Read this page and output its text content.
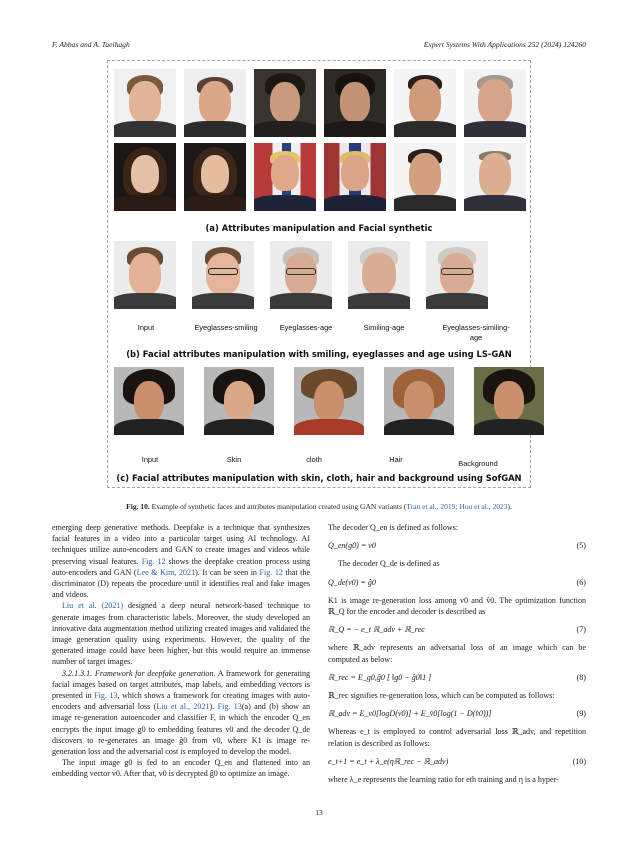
F. Abbas and A. Taeihagh	Expert Systems With Applications 252 (2024) 124260
(a) Attributes manipulation and Facial synthetic
Input	Eyeglasses-smiling	Eyeglasses-age	Similing-age	Eyeglasses-similing-
age
(b) Facial attributes manipulation with smiling, eyeglasses and age using LS-GAN
Input	Skin	cloth	Hair	Background
(c) Facial attributes manipulation with skin, cloth, hair and background using SofGAN
Fig. 10. Example of synthetic faces and attributes manipulation created using GAN variants (Tran et al., 2019; Hou et al., 2023).

emerging deep generative methods. Deepfake is a technique that synthesizes facial features in a video into a particular target using AI technology. AI techniques utilize auto-encoders and GAN to create images and videos while preserving visual features. Fig. 12 shows the deepfake creation process using auto-encoders and GAN (Lee & Kim, 2021). It can be seen in Fig. 12 that the discriminator (D) repeats the procedure until it identifies real and fake images and videos.

Liu et al. (2021) designed a deep neural network-based technique to generate images from characteristic labels. Moreover, the study developed an innovative data augmentation method utilizing created images and validated the image generation quality using experiments. However, the quality of the generated image could have been higher, but this would require an immense number of target images.

3.2.1.3.1. Framework for deepfake generation. A framework for generating facial images based on target attributes, map labels, and embedding vectors is presented in Fig. 13, which shows a framework for creating images with auto-encoders and adversarial loss (Liu et al., 2021). Fig. 13(a) and (b) show an image re-generation autoencoder and classifier F, in which the encoder Q_en encrypts the input image g0 to embedding features v0 and the decoder Q_de discovers to re-generates an image ĝ0 from v0, where K1 is image re-generation loss and the adversarial cost is employed to develop the model.

The input image g0 is fed to an encoder Q_en and flattened into an embedding vector v0. After that, v0 is decrypted ĝ0 to optimize an image.

The decoder Q_en is defined as follows:

Q_en(g0) = v0	(5)

The decoder Q_de is defined as

Q_de(v0) = ĝ0	(6)

K1 is image re-generation loss among v0 and v̂0. The optimization function ℝ_Q for the encoder and decoder is described as

ℝ_Q = − e_t ℝ_adv + ℝ_rec	(7)

where ℝ_adv represents an adversarial loss of an image which can be computed as below:

ℝ_rec = E_g0,ĝ0 [ ‖g0 − ĝ0‖1 ]	(8)

ℝ_rec signifies re-generation loss, which can be computed as follows:

ℝ_adv = E_v0[logD(v0)] + E_v̂0[log(1 − D(v̂0))]	(9)

Whereas e_t is employed to control adversarial loss ℝ_adv, and repetition relation is described as follows:

e_t+1 = e_t + λ_e(ηℝ_rec − ℝ_adv)	(10)

where λ_e represents the learning ratio for eth training and η is a hyper-

13
